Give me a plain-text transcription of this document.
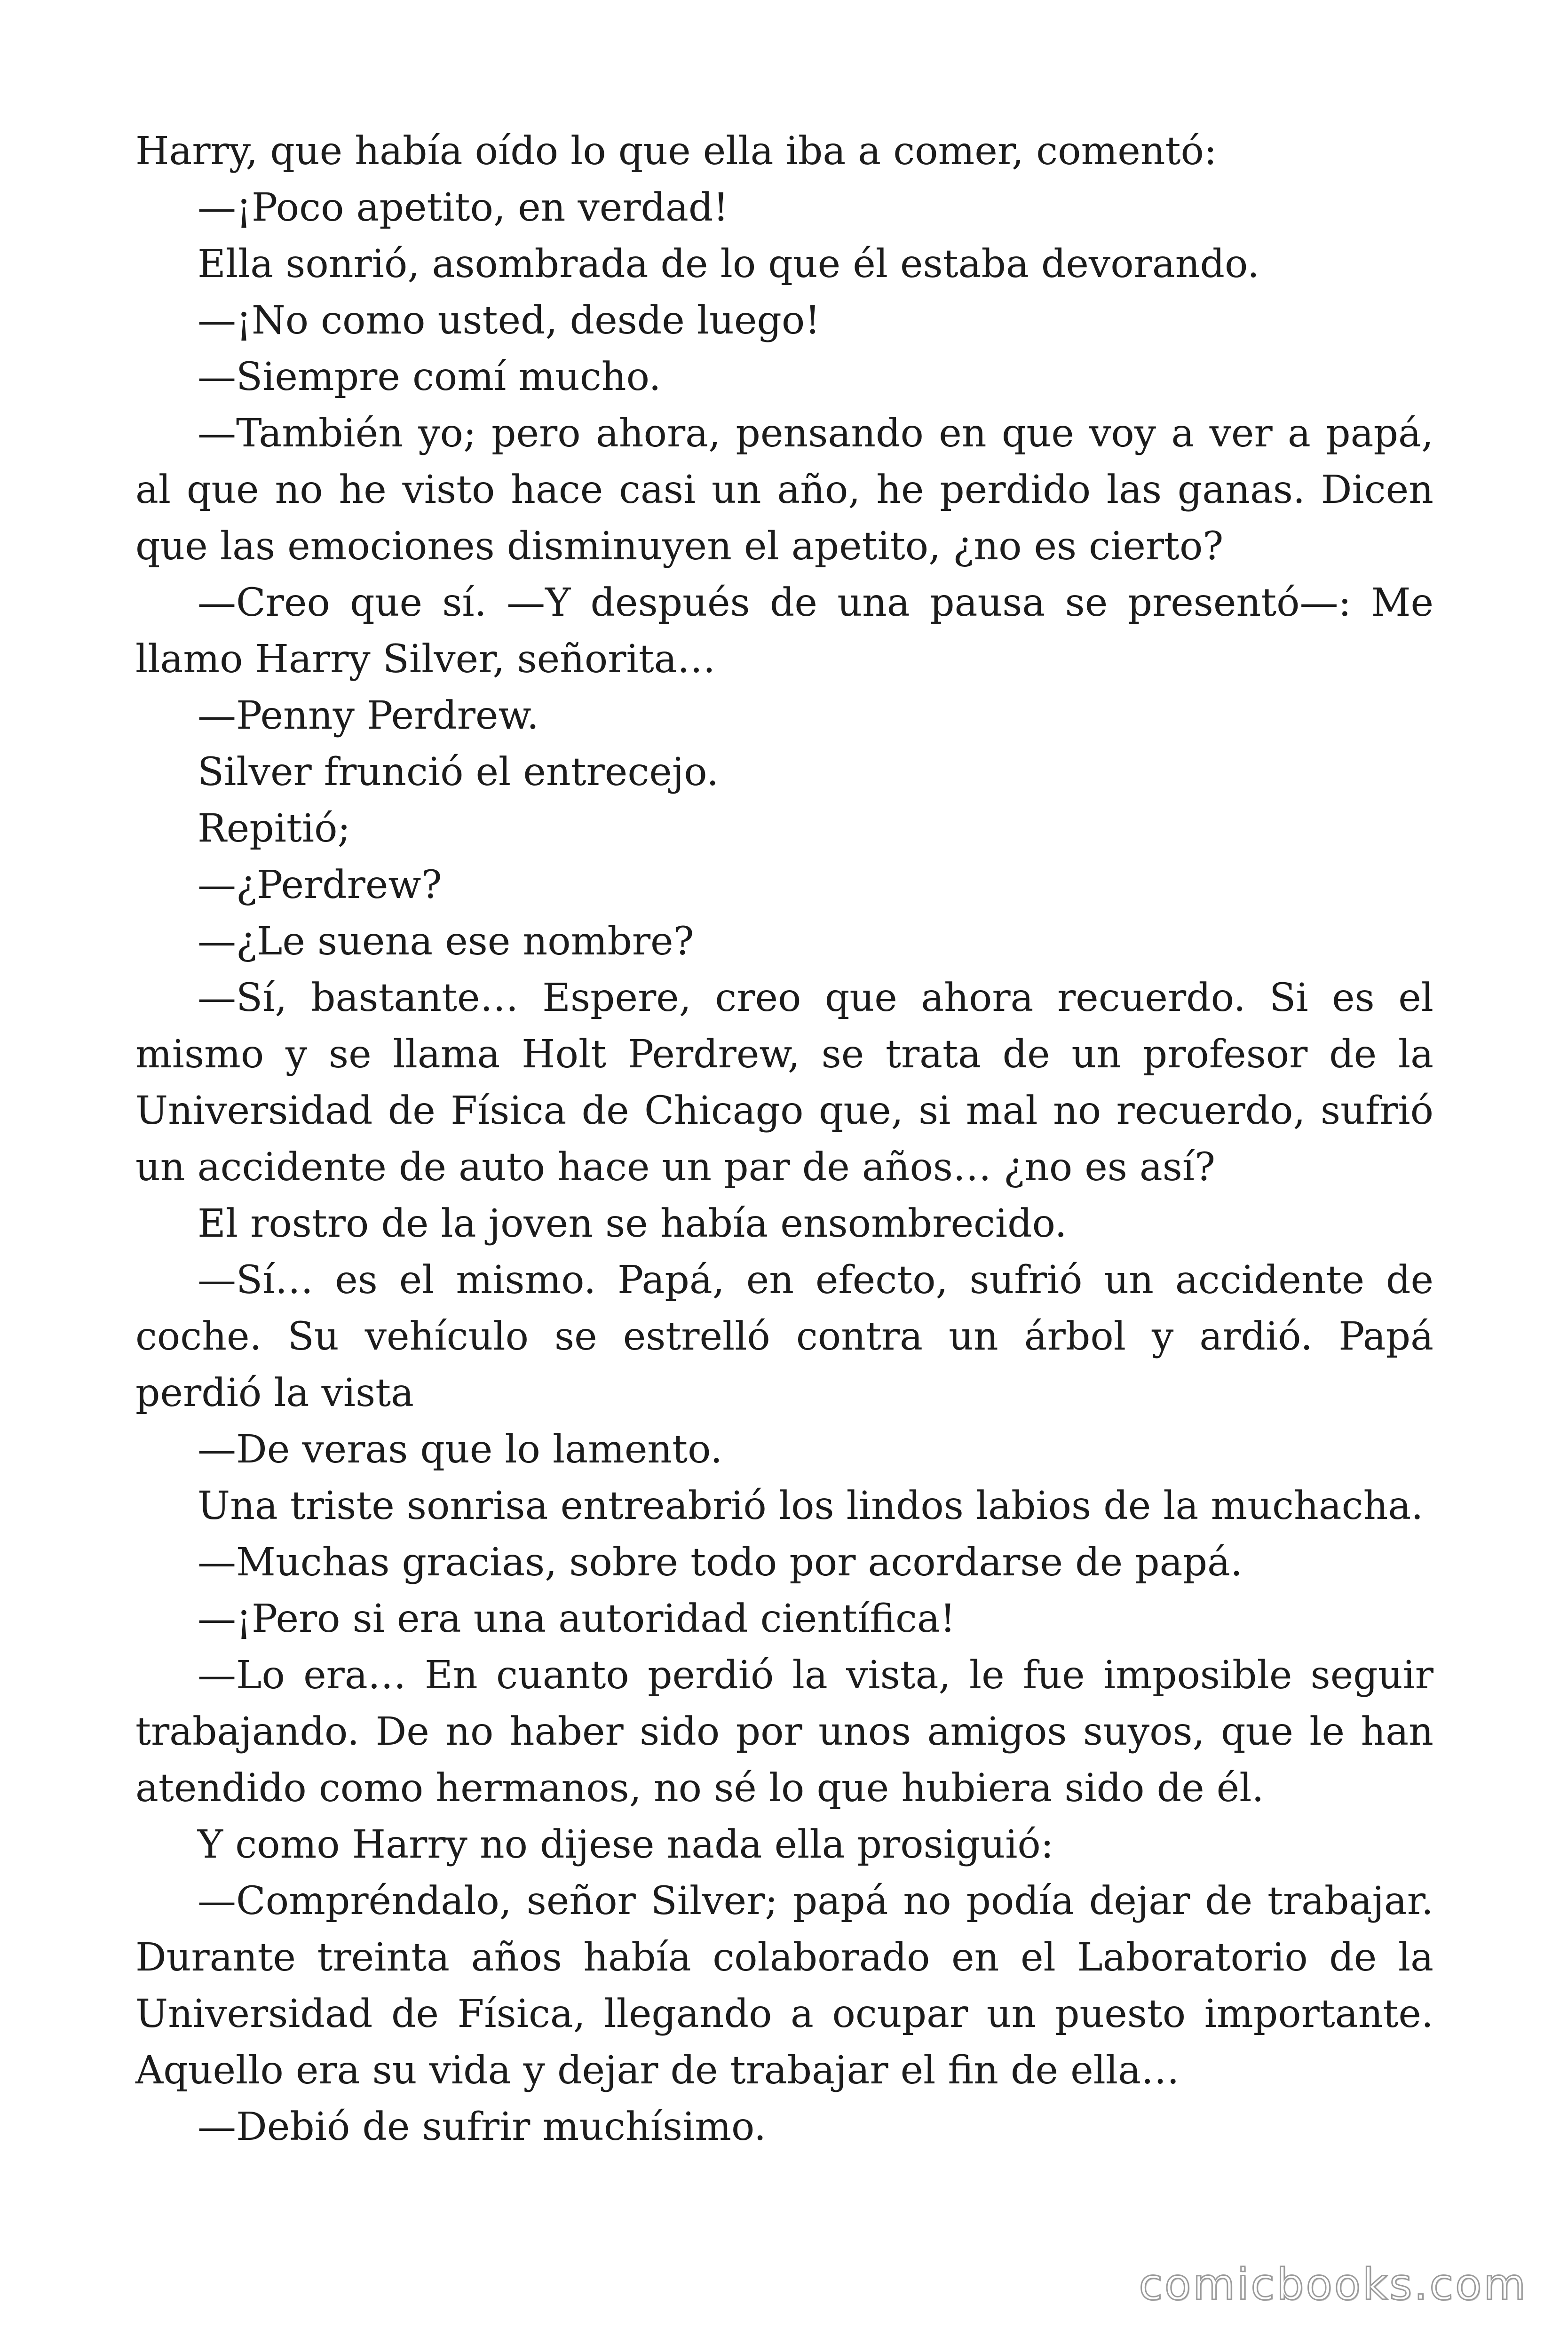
Harry, que había oído lo que ella iba a comer, comentó:

—¡Poco apetito, en verdad!

Ella sonrió, asombrada de lo que él estaba devorando.

—¡No como usted, desde luego!

—Siempre comí mucho.

—También yo; pero ahora, pensando en que voy a ver a papá, al que no he visto hace casi un año, he perdido las ganas. Dicen que las emociones disminuyen el apetito, ¿no es cierto?

—Creo que sí. —Y después de una pausa se presentó—: Me llamo Harry Silver, señorita…

—Penny Perdrew.

Silver frunció el entrecejo.

Repitió;

—¿Perdrew?

—¿Le suena ese nombre?

—Sí, bastante… Espere, creo que ahora recuerdo. Si es el mismo y se llama Holt Perdrew, se trata de un profesor de la Universidad de Física de Chicago que, si mal no recuerdo, sufrió un accidente de auto hace un par de años… ¿no es así?

El rostro de la joven se había ensombrecido.

—Sí… es el mismo. Papá, en efecto, sufrió un accidente de coche. Su vehículo se estrelló contra un árbol y ardió. Papá perdió la vista

—De veras que lo lamento.

Una triste sonrisa entreabrió los lindos labios de la muchacha.

—Muchas gracias, sobre todo por acordarse de papá.

—¡Pero si era una autoridad científica!

—Lo era… En cuanto perdió la vista, le fue imposible seguir trabajando. De no haber sido por unos amigos suyos, que le han atendido como hermanos, no sé lo que hubiera sido de él.

Y como Harry no dijese nada ella prosiguió:

—Compréndalo, señor Silver; papá no podía dejar de trabajar. Durante treinta años había colaborado en el Laboratorio de la Universidad de Física, llegando a ocupar un puesto importante. Aquello era su vida y dejar de trabajar el fin de ella…

—Debió de sufrir muchísimo.

comicbooks.com
